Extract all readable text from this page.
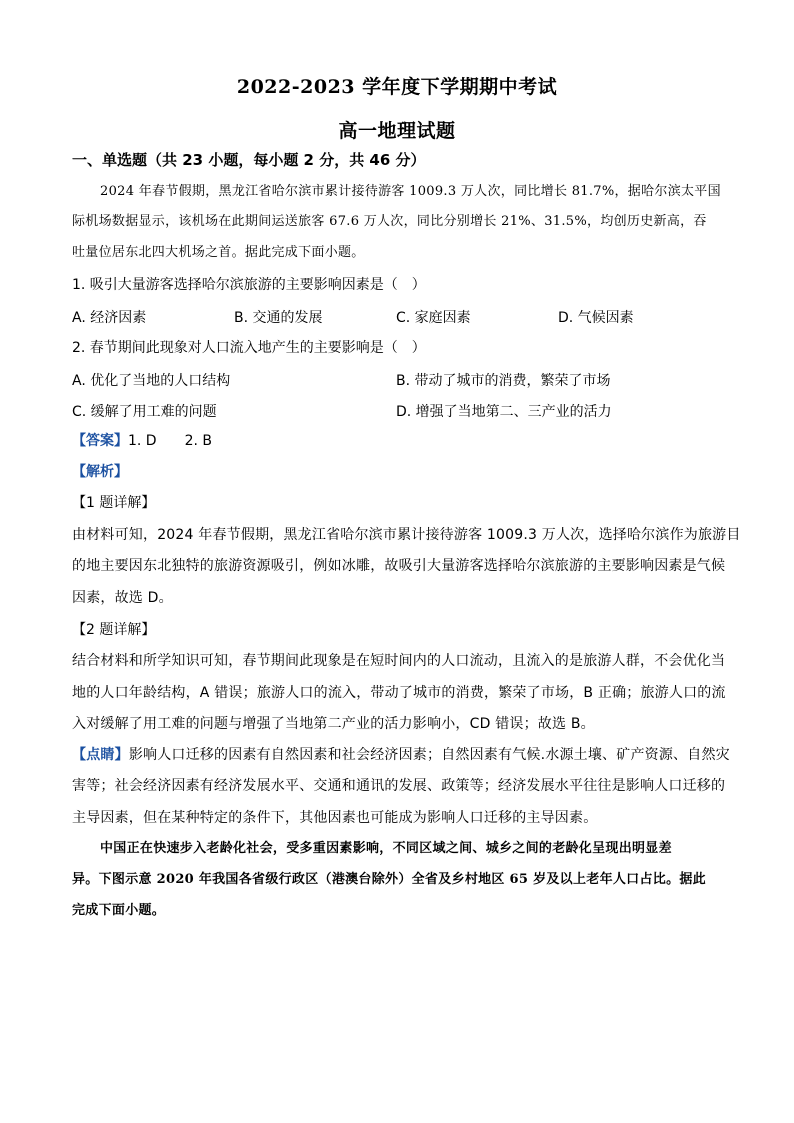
2022-2023 学年度下学期期中考试
高一地理试题
一、单选题（共 23 小题，每小题 2 分，共 46 分）
2024 年春节假期，黑龙江省哈尔滨市累计接待游客 1009.3 万人次，同比增长 81.7%，据哈尔滨太平国
际机场数据显示，该机场在此期间运送旅客 67.6 万人次，同比分别增长 21%、31.5%，均创历史新高，吞
吐量位居东北四大机场之首。据此完成下面小题。
1. 吸引大量游客选择哈尔滨旅游的主要影响因素是（　）
A. 经济因素	B. 交通的发展	C. 家庭因素	D. 气候因素
2. 春节期间此现象对人口流入地产生的主要影响是（　）
A. 优化了当地的人口结构	B. 带动了城市的消费，繁荣了市场
C. 缓解了用工难的问题	D. 增强了当地第二、三产业的活力
【答案】1. D　　2. B
【解析】
【1 题详解】
由材料可知，2024 年春节假期，黑龙江省哈尔滨市累计接待游客 1009.3 万人次，选择哈尔滨作为旅游目
的地主要因东北独特的旅游资源吸引，例如冰雕，故吸引大量游客选择哈尔滨旅游的主要影响因素是气候
因素，故选 D。
【2 题详解】
结合材料和所学知识可知，春节期间此现象是在短时间内的人口流动，且流入的是旅游人群，不会优化当
地的人口年龄结构，A 错误；旅游人口的流入，带动了城市的消费，繁荣了市场，B 正确；旅游人口的流
入对缓解了用工难的问题与增强了当地第二产业的活力影响小，CD 错误；故选 B。
【点睛】影响人口迁移的因素有自然因素和社会经济因素；自然因素有气候.水源土壤、矿产资源、自然灾
害等；社会经济因素有经济发展水平、交通和通讯的发展、政策等；经济发展水平往往是影响人口迁移的
主导因素，但在某种特定的条件下，其他因素也可能成为影响人口迁移的主导因素。
中国正在快速步入老龄化社会，受多重因素影响，不同区域之间、城乡之间的老龄化呈现出明显差
异。下图示意 2020 年我国各省级行政区（港澳台除外）全省及乡村地区 65 岁及以上老年人口占比。据此
完成下面小题。
